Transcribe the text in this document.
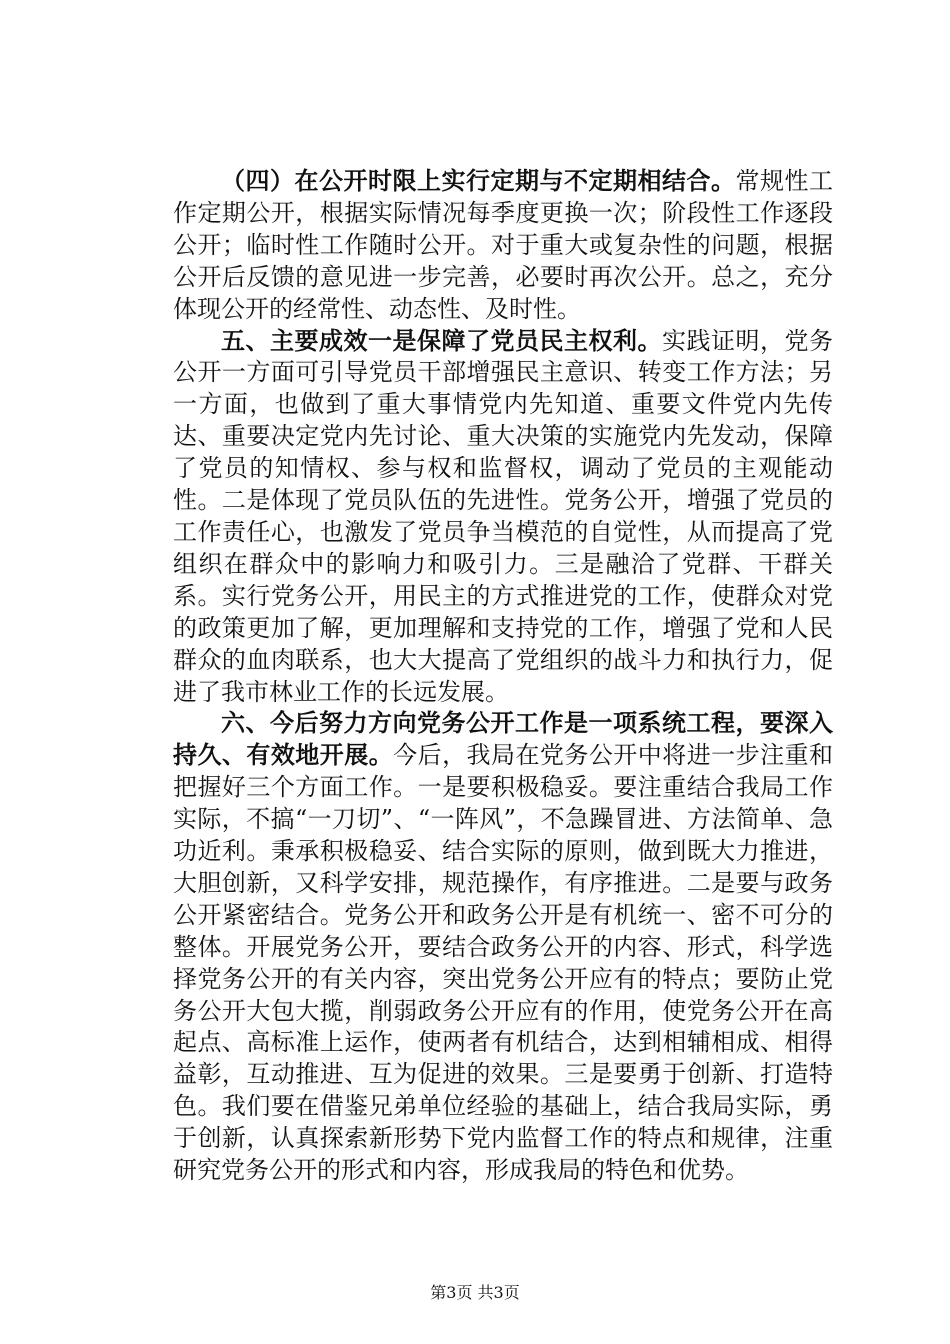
（四）在公开时限上实行定期与不定期相结合。常规性工作定期公开，根据实际情况每季度更换一次；阶段性工作逐段公开；临时性工作随时公开。对于重大或复杂性的问题，根据公开后反馈的意见进一步完善，必要时再次公开。总之，充分体现公开的经常性、动态性、及时性。

五、主要成效一是保障了党员民主权利。实践证明，党务公开一方面可引导党员干部增强民主意识、转变工作方法；另一方面，也做到了重大事情党内先知道、重要文件党内先传达、重要决定党内先讨论、重大决策的实施党内先发动，保障了党员的知情权、参与权和监督权，调动了党员的主观能动性。二是体现了党员队伍的先进性。党务公开，增强了党员的工作责任心，也激发了党员争当模范的自觉性，从而提高了党组织在群众中的影响力和吸引力。三是融洽了党群、干群关系。实行党务公开，用民主的方式推进党的工作，使群众对党的政策更加了解，更加理解和支持党的工作，增强了党和人民群众的血肉联系，也大大提高了党组织的战斗力和执行力，促进了我市林业工作的长远发展。

六、今后努力方向党务公开工作是一项系统工程，要深入持久、有效地开展。今后，我局在党务公开中将进一步注重和把握好三个方面工作。一是要积极稳妥。要注重结合我局工作实际，不搞“一刀切”、“一阵风”，不急躁冒进、方法简单、急功近利。秉承积极稳妥、结合实际的原则，做到既大力推进，大胆创新，又科学安排，规范操作，有序推进。二是要与政务公开紧密结合。党务公开和政务公开是有机统一、密不可分的整体。开展党务公开，要结合政务公开的内容、形式，科学选择党务公开的有关内容，突出党务公开应有的特点；要防止党务公开大包大揽，削弱政务公开应有的作用，使党务公开在高起点、高标准上运作，使两者有机结合，达到相辅相成、相得益彰，互动推进、互为促进的效果。三是要勇于创新、打造特色。我们要在借鉴兄弟单位经验的基础上，结合我局实际，勇于创新，认真探索新形势下党内监督工作的特点和规律，注重研究党务公开的形式和内容，形成我局的特色和优势。

第3页 共3页
